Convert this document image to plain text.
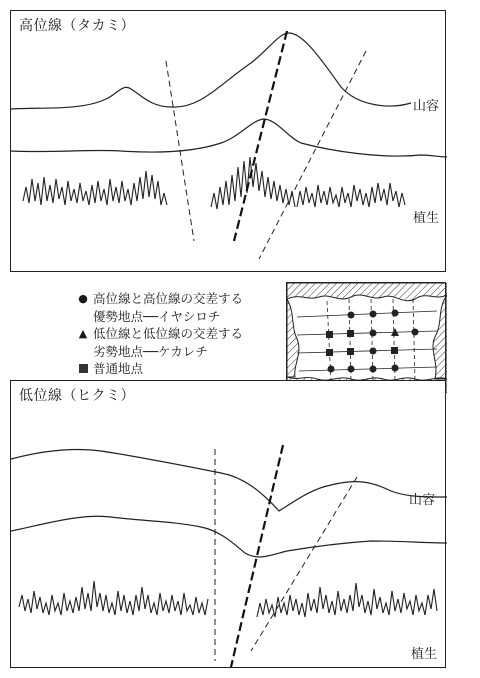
高位線（タカミ）
山容
植生
● 高位線と高位線の交差する
優勢地点──イヤシロチ
▲ 低位線と低位線の交差する
劣勢地点──ケカレチ
普通地点
低位線（ヒクミ）
山容
植生
